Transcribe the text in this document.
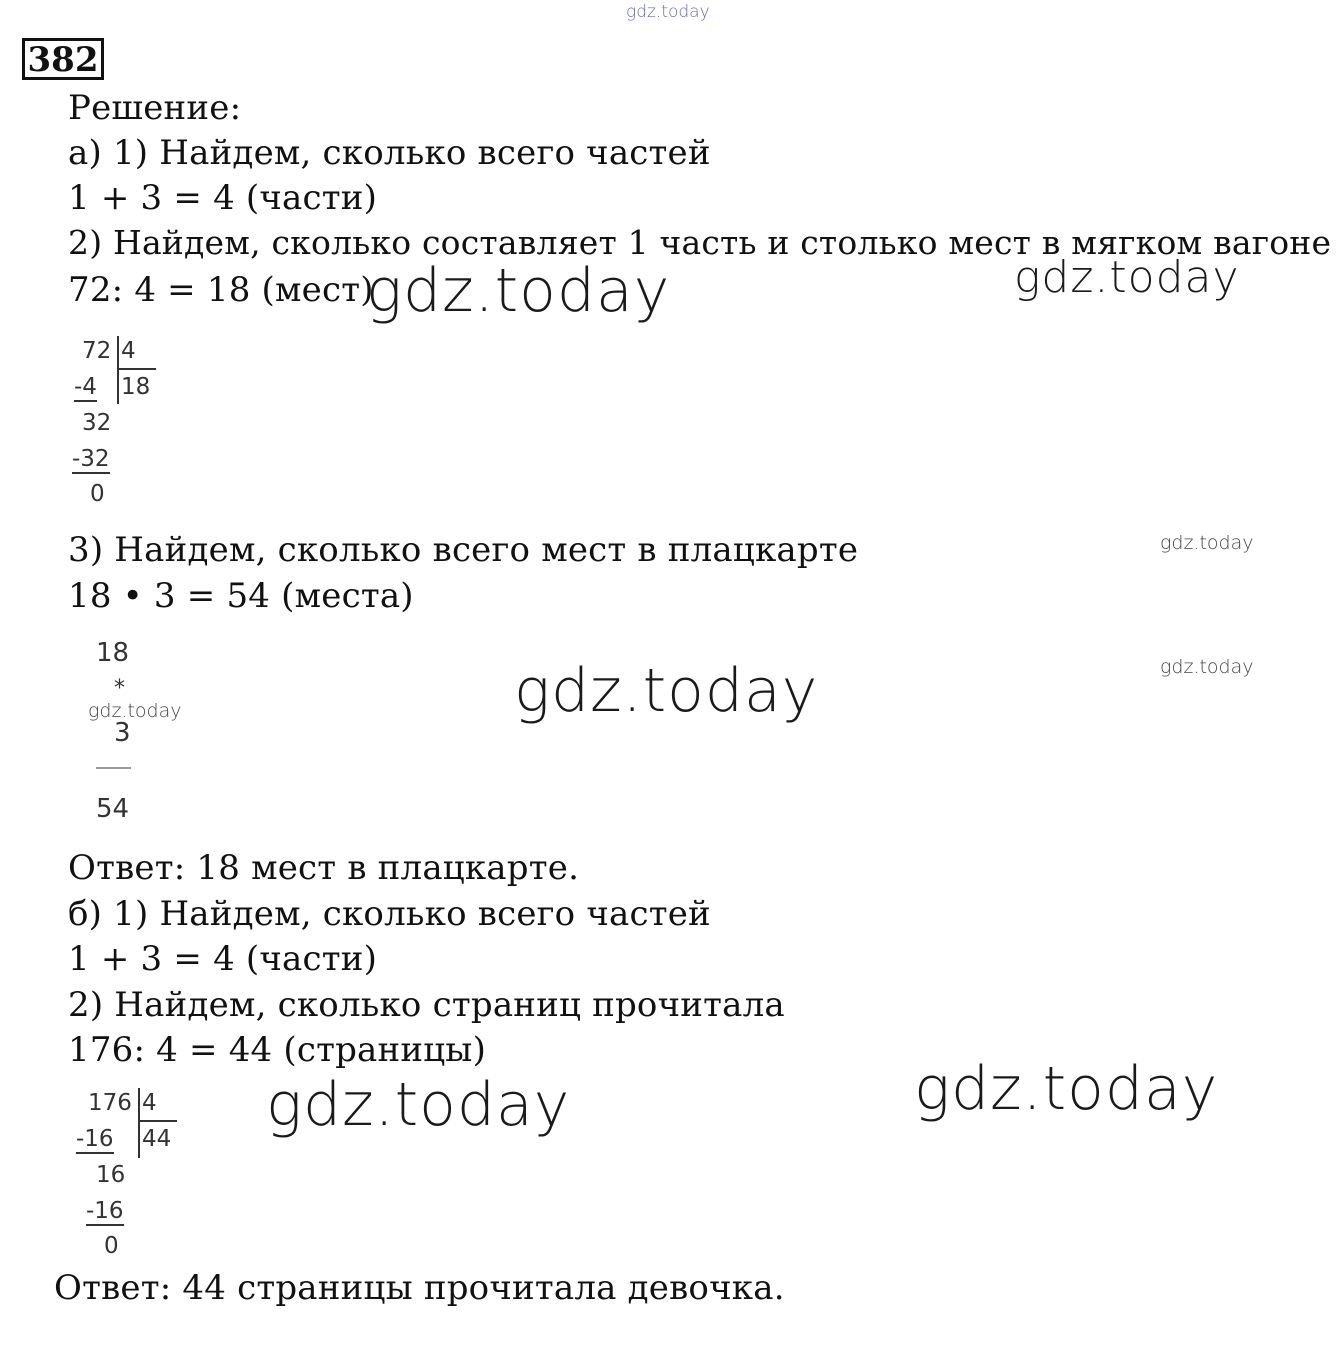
gdz.today
382
Решение:
а) 1) Найдем, сколько всего частей
1 + 3 = 4 (части)
2) Найдем, сколько составляет 1 часть и столько мест в мягком вагоне
72: 4 = 18 (мест)
gdz.today	gdz.today
72 4
-4 18
32
-32
0
3) Найдем, сколько всего мест в плацкарте	gdz.today
18 • 3 = 54 (места)
18
*
3
54
gdz.today	gdz.today	gdz.today
Ответ: 18 мест в плацкарте.
б) 1) Найдем, сколько всего частей
1 + 3 = 4 (части)
2) Найдем, сколько страниц прочитала
176: 4 = 44 (страницы)
176 4
-16 44
16
-16
0
gdz.today	gdz.today
Ответ: 44 страницы прочитала девочка.
